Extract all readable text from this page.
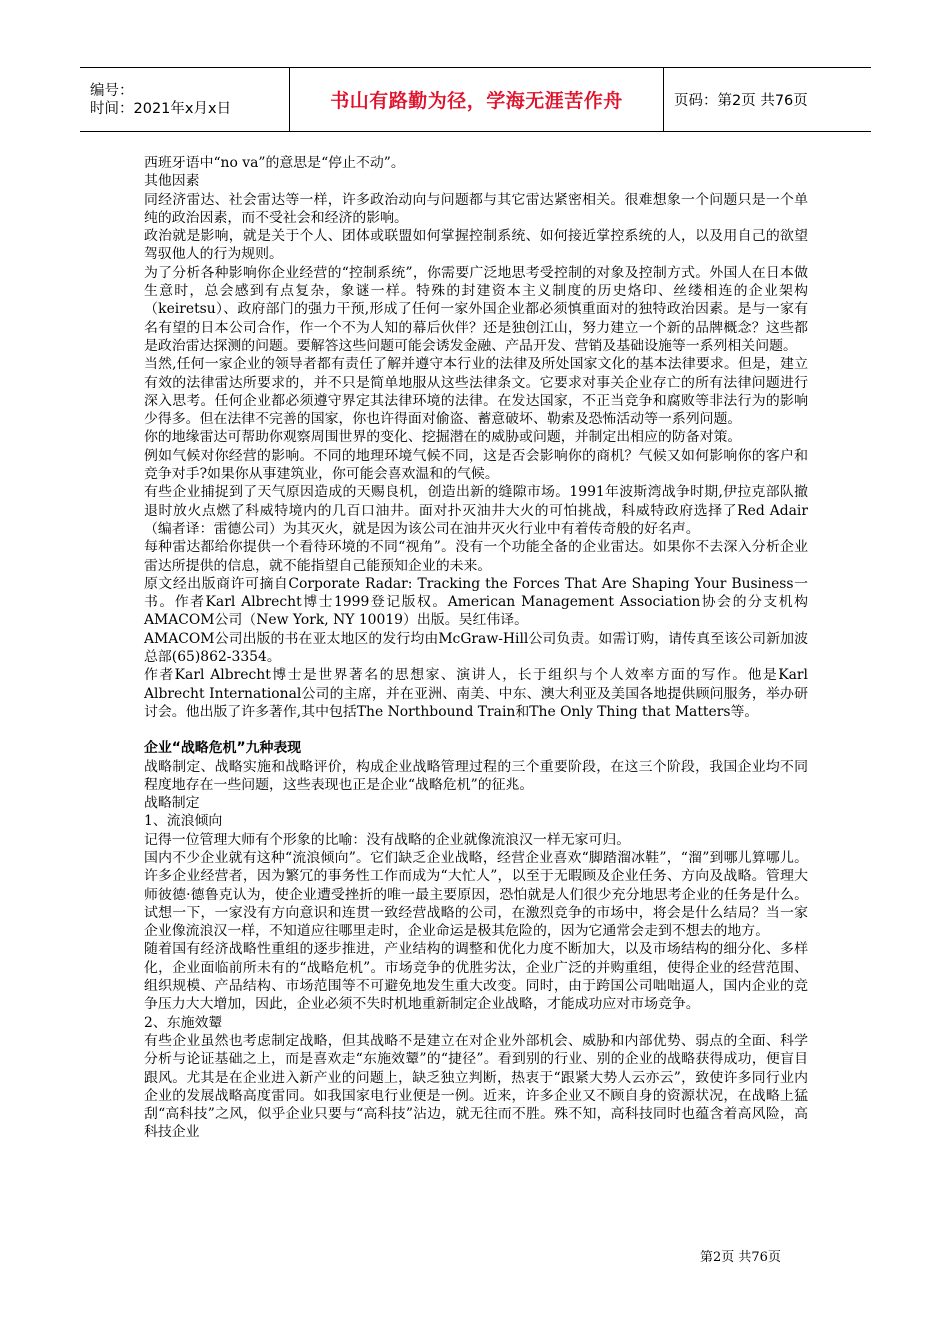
编号：
时间：2021年x月x日	书山有路勤为径，学海无涯苦作舟	页码：第2页 共76页

西班牙语中“no va”的意思是“停止不动”。

其他因素

同经济雷达、社会雷达等一样，许多政治动向与问题都与其它雷达紧密相关。很难想象一个问题只是一个单纯的政治因素，而不受社会和经济的影响。

政治就是影响，就是关于个人、团体或联盟如何掌握控制系统、如何接近掌控系统的人，以及用自己的欲望驾驭他人的行为规则。

为了分析各种影响你企业经营的“控制系统”，你需要广泛地思考受控制的对象及控制方式。外国人在日本做生意时，总会感到有点复杂，象谜一样。特殊的封建资本主义制度的历史烙印、丝缕相连的企业架构（keiretsu）、政府部门的强力干预,形成了任何一家外国企业都必须慎重面对的独特政治因素。是与一家有名有望的日本公司合作，作一个不为人知的幕后伙伴？还是独创江山，努力建立一个新的品牌概念？这些都是政治雷达探测的问题。要解答这些问题可能会诱发金融、产品开发、营销及基础设施等一系列相关问题。

当然,任何一家企业的领导者都有责任了解并遵守本行业的法律及所处国家文化的基本法律要求。但是，建立有效的法律雷达所要求的，并不只是简单地服从这些法律条文。它要求对事关企业存亡的所有法律问题进行深入思考。任何企业都必须遵守界定其法律环境的法律。在发达国家，不正当竞争和腐败等非法行为的影响少得多。但在法律不完善的国家，你也许得面对偷盗、蓄意破坏、勒索及恐怖活动等一系列问题。

你的地缘雷达可帮助你观察周围世界的变化、挖掘潜在的威胁或问题，并制定出相应的防备对策。

例如气候对你经营的影响。不同的地理环境气候不同，这是否会影响你的商机？气候又如何影响你的客户和竞争对手?如果你从事建筑业，你可能会喜欢温和的气候。

有些企业捕捉到了天气原因造成的天赐良机，创造出新的缝隙市场。1991年波斯湾战争时期,伊拉克部队撤退时放火点燃了科威特境内的几百口油井。面对扑灭油井大火的可怕挑战，科威特政府选择了Red Adair（编者译：雷德公司）为其灭火，就是因为该公司在油井灭火行业中有着传奇般的好名声。

每种雷达都给你提供一个看待环境的不同“视角”。没有一个功能全备的企业雷达。如果你不去深入分析企业雷达所提供的信息，就不能指望自己能预知企业的未来。

原文经出版商许可摘自Corporate Radar: Tracking the Forces That Are Shaping Your Business一书。作者Karl Albrecht博士1999登记版权。American Management Association协会的分支机构AMACOM公司（New York, NY 10019）出版。吴红伟译。

AMACOM公司出版的书在亚太地区的发行均由McGraw-Hill公司负责。如需订购，请传真至该公司新加波总部(65)862-3354。

作者Karl Albrecht博士是世界著名的思想家、演讲人，长于组织与个人效率方面的写作。他是Karl Albrecht International公司的主席，并在亚洲、南美、中东、澳大利亚及美国各地提供顾问服务，举办研讨会。他出版了许多著作,其中包括The Northbound Train和The Only Thing that Matters等。

企业“战略危机”九种表现

战略制定、战略实施和战略评价，构成企业战略管理过程的三个重要阶段，在这三个阶段，我国企业均不同程度地存在一些问题，这些表现也正是企业“战略危机”的征兆。

战略制定

1、流浪倾向

记得一位管理大师有个形象的比喻：没有战略的企业就像流浪汉一样无家可归。

国内不少企业就有这种“流浪倾向”。它们缺乏企业战略，经营企业喜欢“脚踏溜冰鞋”，“溜”到哪儿算哪儿。许多企业经营者，因为繁冗的事务性工作而成为“大忙人”，以至于无暇顾及企业任务、方向及战略。管理大师彼德·德鲁克认为，使企业遭受挫折的唯一最主要原因，恐怕就是人们很少充分地思考企业的任务是什么。试想一下，一家没有方向意识和连贯一致经营战略的公司，在激烈竞争的市场中，将会是什么结局？当一家企业像流浪汉一样，不知道应往哪里走时，企业命运是极其危险的，因为它通常会走到不想去的地方。

随着国有经济战略性重组的逐步推进，产业结构的调整和优化力度不断加大，以及市场结构的细分化、多样化，企业面临前所未有的“战略危机”。市场竞争的优胜劣汰，企业广泛的并购重组，使得企业的经营范围、组织规模、产品结构、市场范围等不可避免地发生重大改变。同时，由于跨国公司咄咄逼人，国内企业的竞争压力大大增加，因此，企业必须不失时机地重新制定企业战略，才能成功应对市场竞争。

2、东施效颦

有些企业虽然也考虑制定战略，但其战略不是建立在对企业外部机会、威胁和内部优势、弱点的全面、科学分析与论证基础之上，而是喜欢走“东施效颦”的“捷径”。看到别的行业、别的企业的战略获得成功，便盲目跟风。尤其是在企业进入新产业的问题上，缺乏独立判断，热衷于“跟紧大势人云亦云”，致使许多同行业内企业的发展战略高度雷同。如我国家电行业便是一例。近来，许多企业又不顾自身的资源状况，在战略上猛刮“高科技”之风，似乎企业只要与“高科技”沾边，就无往而不胜。殊不知，高科技同时也蕴含着高风险，高科技企业

第2页 共76页
